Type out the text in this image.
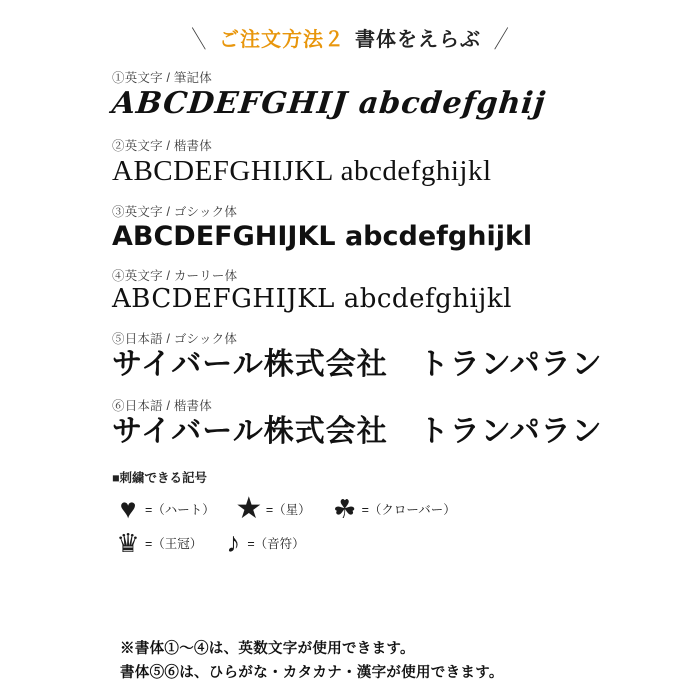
＼ ご注文方法２ 書体をえらぶ ／
①英文字 / 筆記体
ABCDEFGHIJ abcdefghij
②英文字 / 楷書体
ABCDEFGHIJKL abcdefghijkl
③英文字 / ゴシック体
ABCDEFGHIJKL abcdefghijkl
④英文字 / カーリー体
ABCDEFGHIJKL abcdefghijkl
⑤日本語 / ゴシック体
サイバール株式会社　トランパラン
⑥日本語 / 楷書体
サイバール株式会社　トランパラン
■刺繍できる記号
♥ =（ハート） ★ =（星） ☘ =（クローバー）
♛ =（王冠） ♪ =（音符）
※書体①〜④は、英数文字が使用できます。
書体⑤⑥は、ひらがな・カタカナ・漢字が使用できます。
